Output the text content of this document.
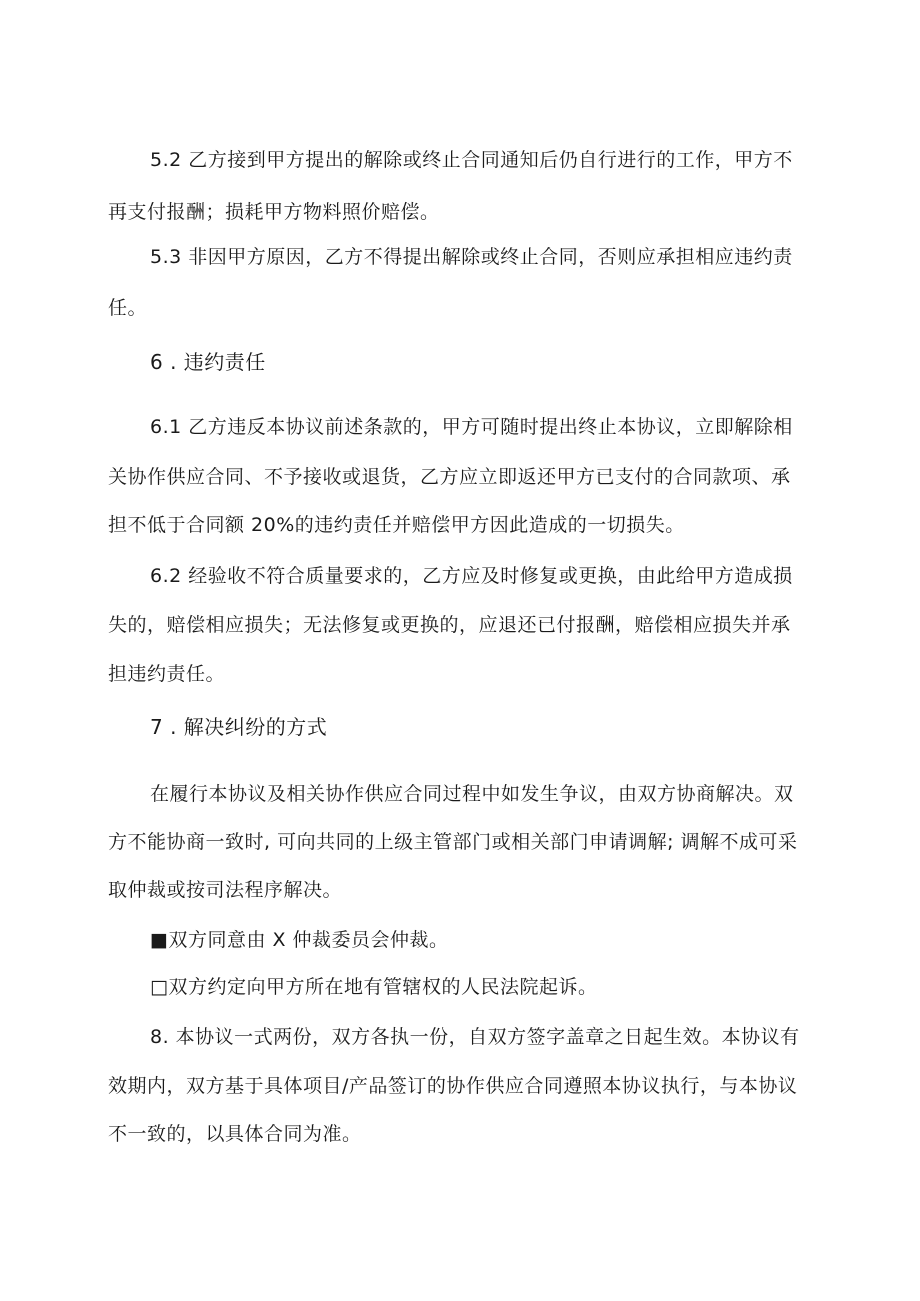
5.2 乙方接到甲方提出的解除或终止合同通知后仍自行进行的工作，甲方不
再支付报酬；损耗甲方物料照价赔偿。
5.3 非因甲方原因，乙方不得提出解除或终止合同，否则应承担相应违约责
任。
6 . 违约责任
6.1 乙方违反本协议前述条款的，甲方可随时提出终止本协议，立即解除相
关协作供应合同、不予接收或退货，乙方应立即返还甲方已支付的合同款项、承
担不低于合同额 20%的违约责任并赔偿甲方因此造成的一切损失。
6.2 经验收不符合质量要求的，乙方应及时修复或更换，由此给甲方造成损
失的，赔偿相应损失；无法修复或更换的，应退还已付报酬，赔偿相应损失并承
担违约责任。
7 . 解决纠纷的方式
在履行本协议及相关协作供应合同过程中如发生争议，由双方协商解决。双
方不能协商一致时, 可向共同的上级主管部门或相关部门申请调解; 调解不成可采
取仲裁或按司法程序解决。
■双方同意由 X 仲裁委员会仲裁。
□双方约定向甲方所在地有管辖权的人民法院起诉。
8. 本协议一式两份，双方各执一份，自双方签字盖章之日起生效。本协议有
效期内，双方基于具体项目/产品签订的协作供应合同遵照本协议执行，与本协议
不一致的，以具体合同为准。
